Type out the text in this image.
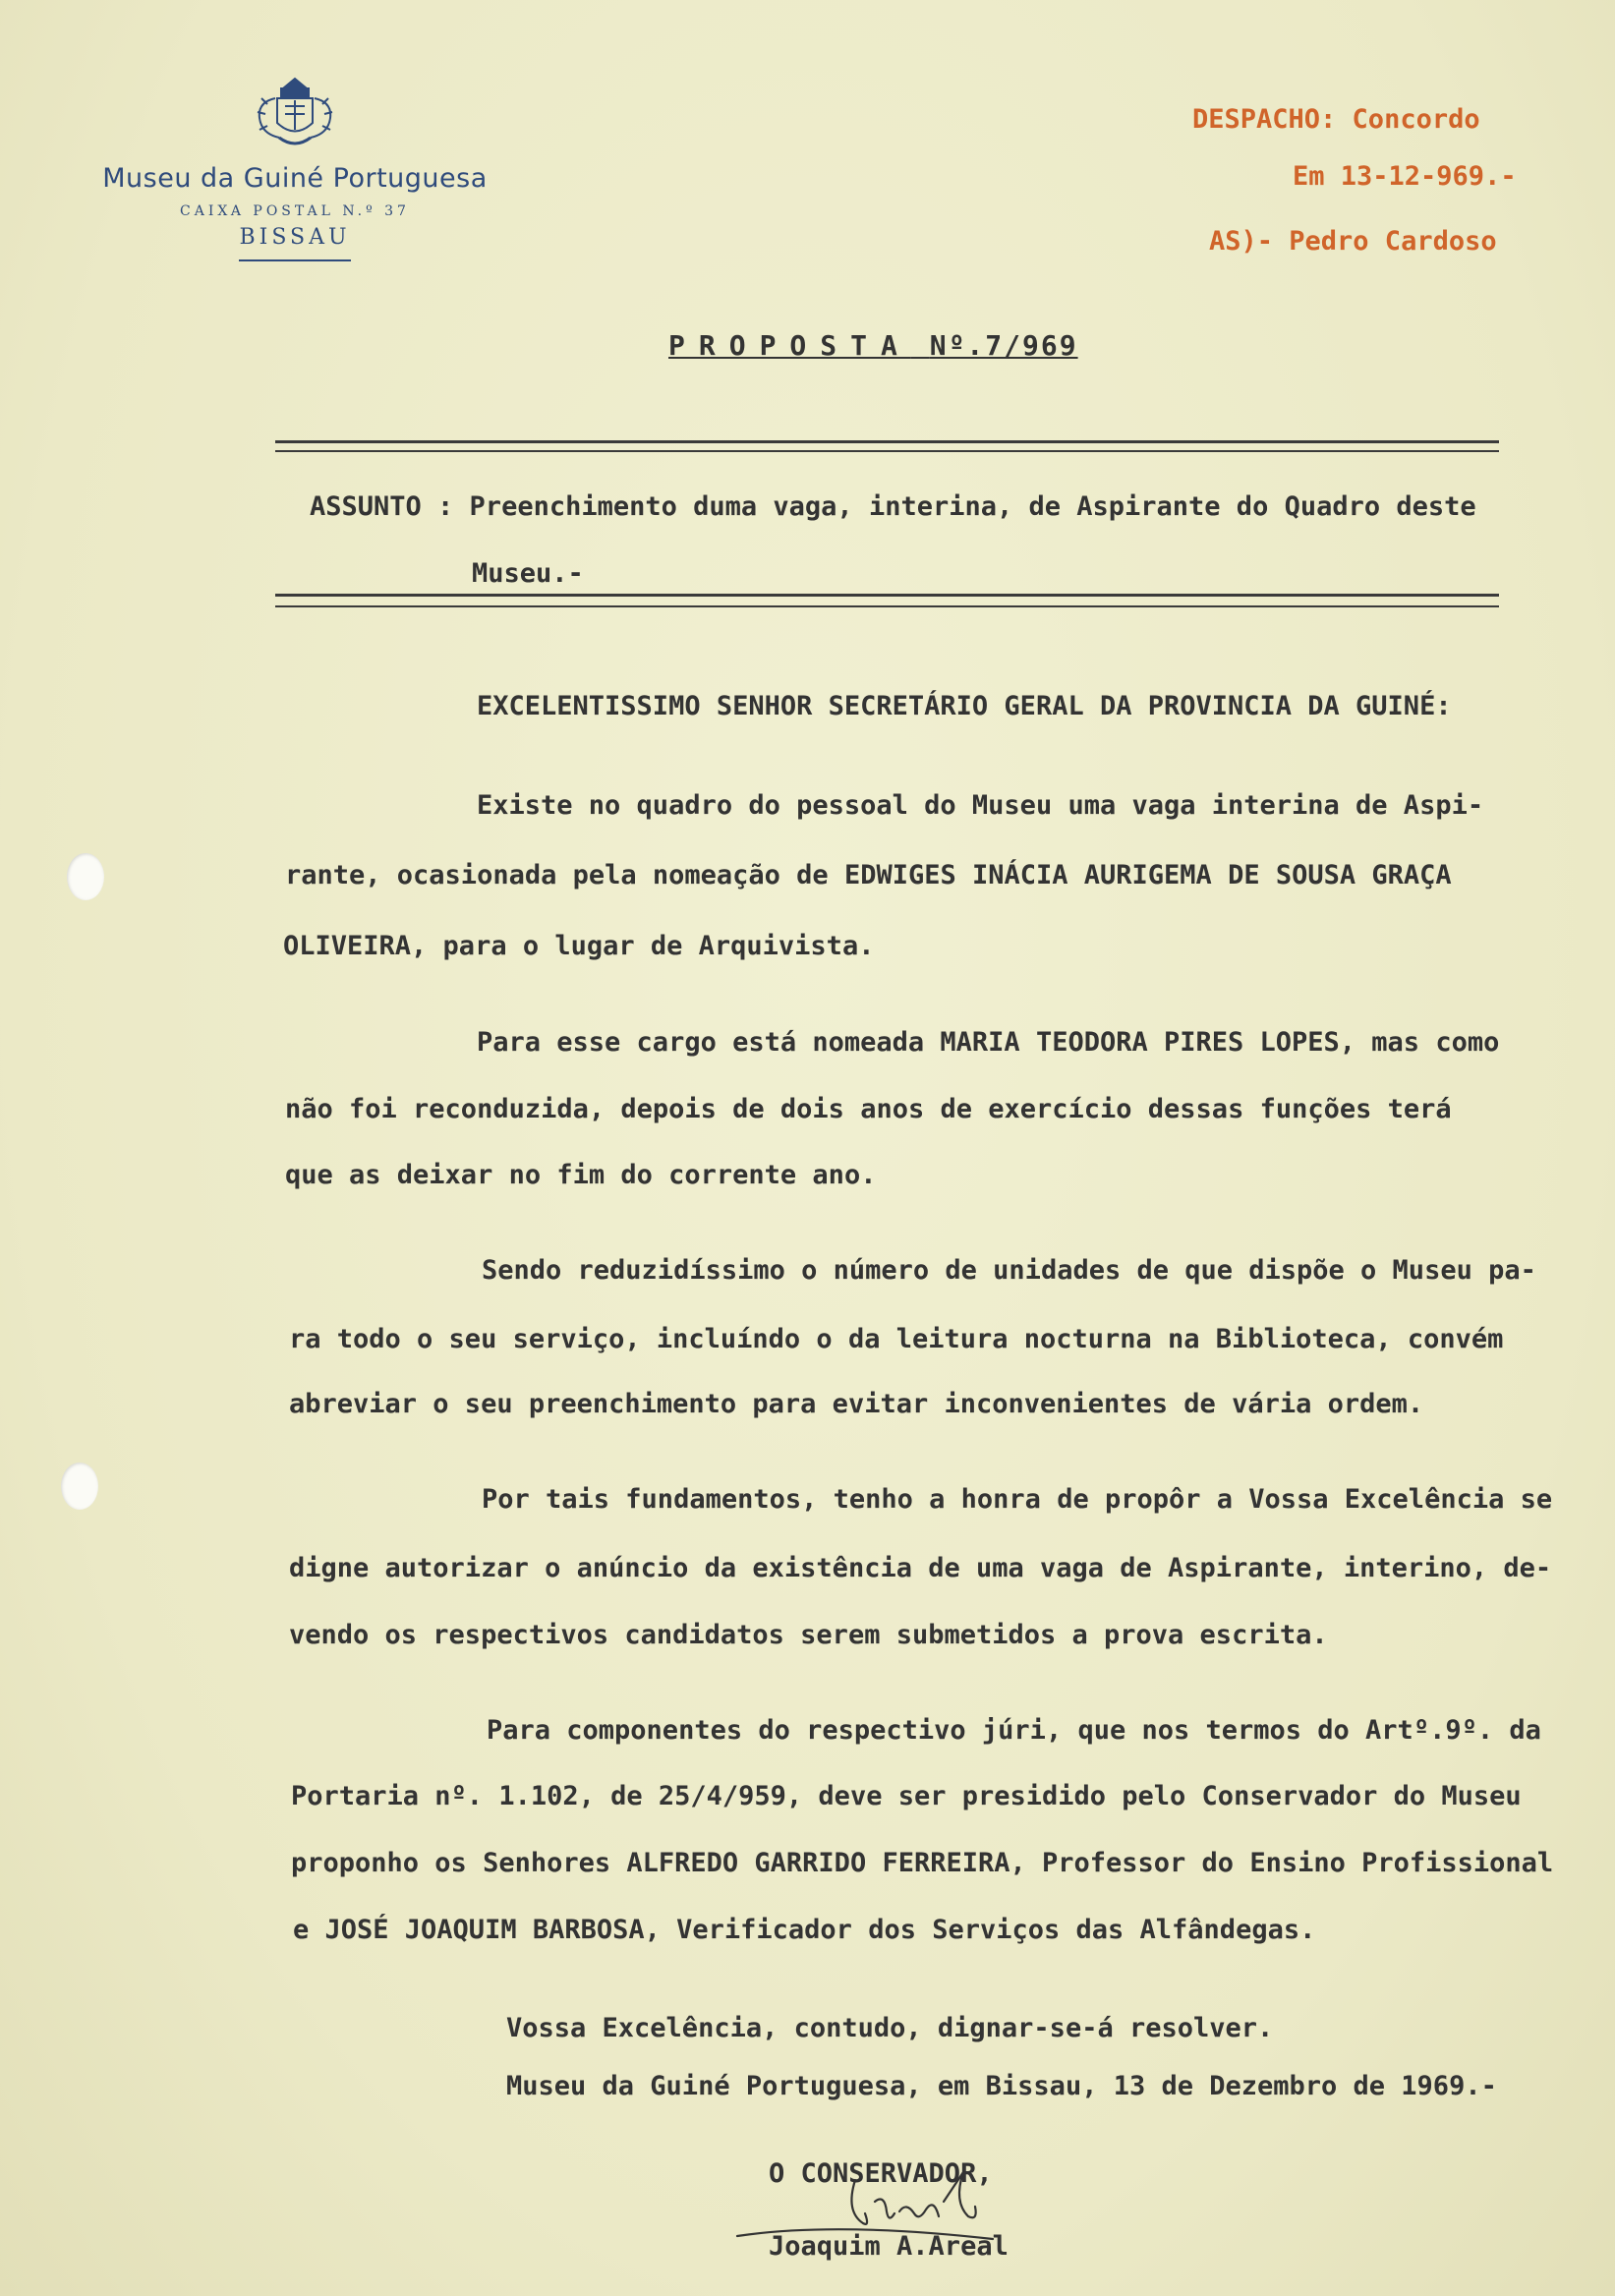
Museu da Guiné Portuguesa
CAIXA POSTAL N.º 37
BISSAU
DESPACHO: Concordo
Em 13-12-969.-
AS)- Pedro Cardoso
PROPOSTA Nº.7/969
ASSUNTO : Preenchimento duma vaga, interina, de Aspirante do Quadro deste
Museu.-
EXCELENTISSIMO SENHOR SECRETÁRIO GERAL DA PROVINCIA DA GUINÉ:
Existe no quadro do pessoal do Museu uma vaga interina de Aspi-
rante, ocasionada pela nomeação de EDWIGES INÁCIA AURIGEMA DE SOUSA GRAÇA
OLIVEIRA, para o lugar de Arquivista.
Para esse cargo está nomeada MARIA TEODORA PIRES LOPES, mas como
não foi reconduzida, depois de dois anos de exercício dessas funções terá
que as deixar no fim do corrente ano.
Sendo reduzidíssimo o número de unidades de que dispõe o Museu pa-
ra todo o seu serviço, incluíndo o da leitura nocturna na Biblioteca, convém
abreviar o seu preenchimento para evitar inconvenientes de vária ordem.
Por tais fundamentos, tenho a honra de propôr a Vossa Excelência se
digne autorizar o anúncio da existência de uma vaga de Aspirante, interino, de-
vendo os respectivos candidatos serem submetidos a prova escrita.
Para componentes do respectivo júri, que nos termos do Artº.9º. da
Portaria nº. 1.102, de 25/4/959, deve ser presidido pelo Conservador do Museu
proponho os Senhores ALFREDO GARRIDO FERREIRA, Professor do Ensino Profissional
e JOSÉ JOAQUIM BARBOSA, Verificador dos Serviços das Alfândegas.
Vossa Excelência, contudo, dignar-se-á resolver.
Museu da Guiné Portuguesa, em Bissau, 13 de Dezembro de 1969.-
O CONSERVADOR,
Joaquim A.Areal
